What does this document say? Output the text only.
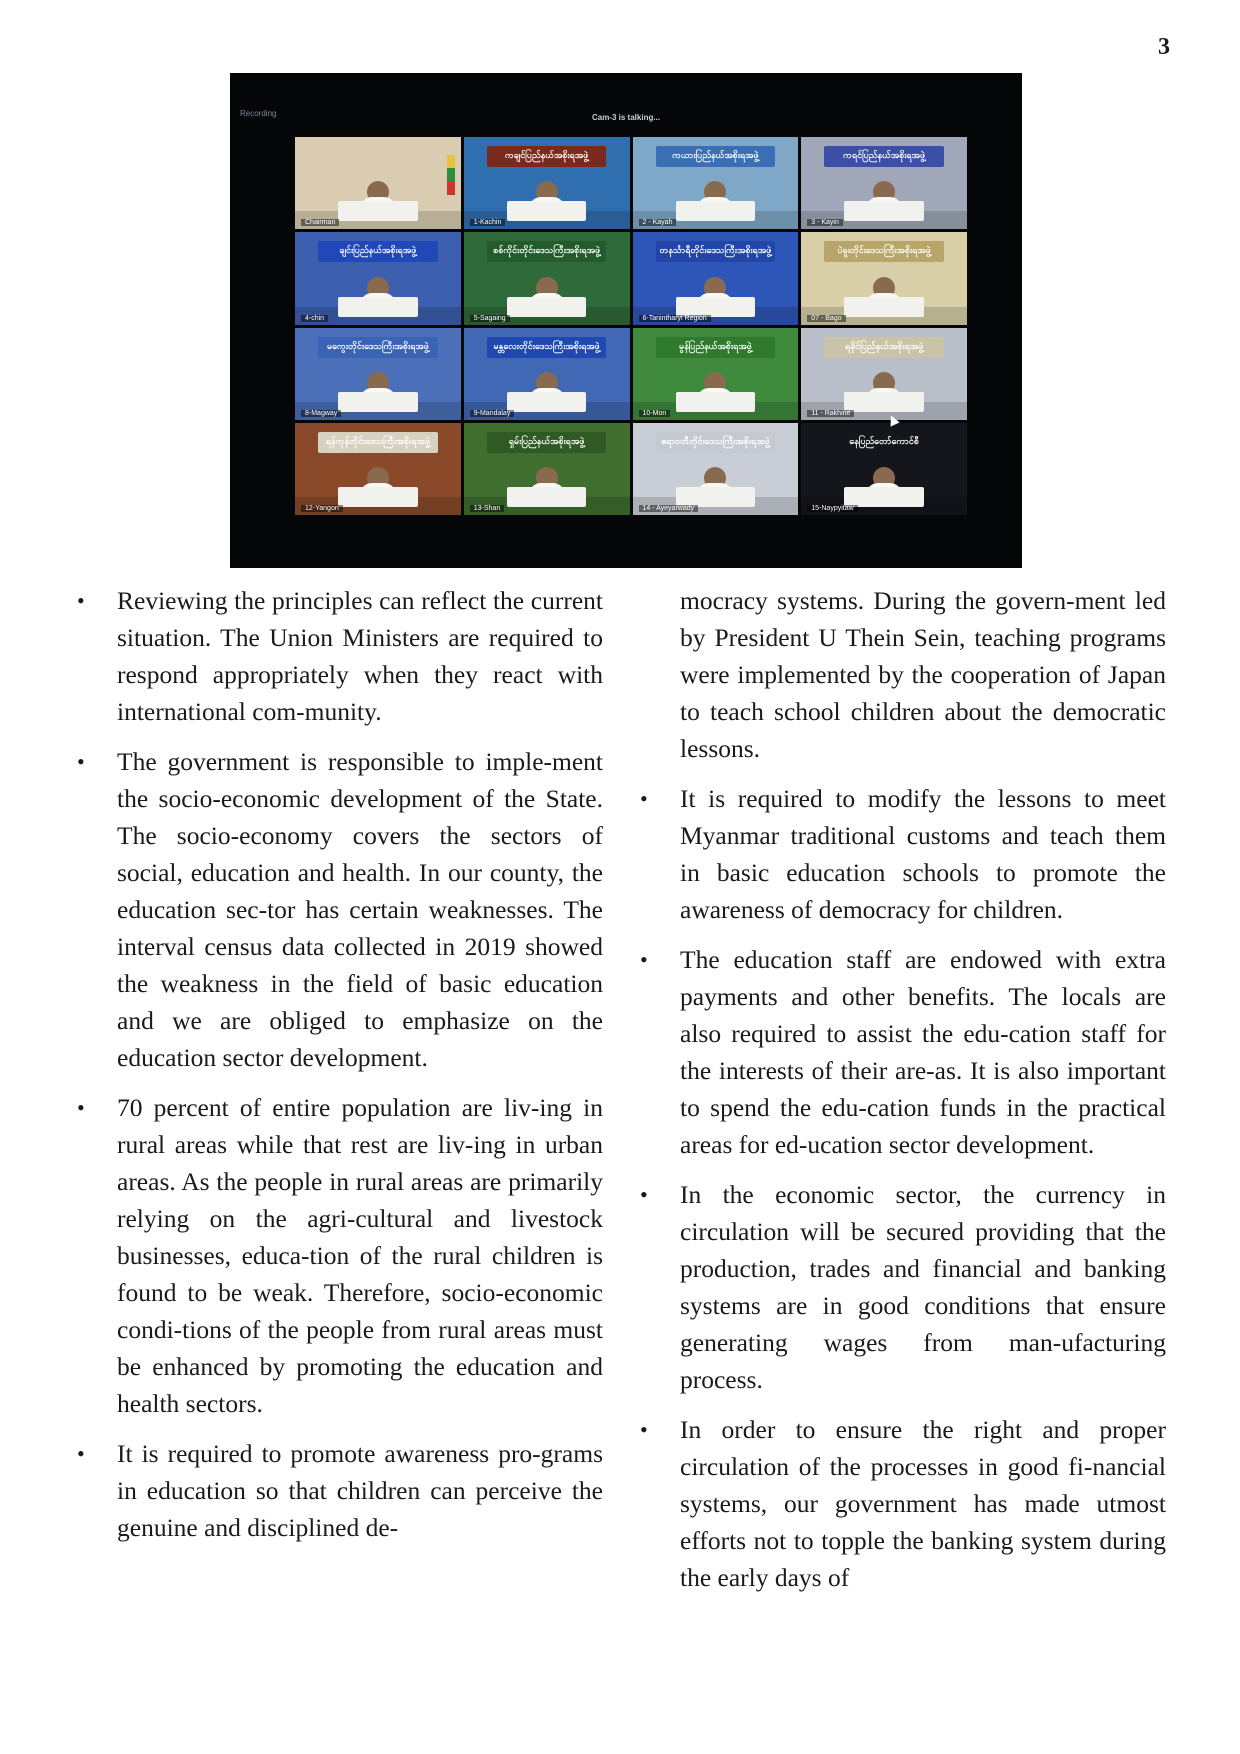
3
Recording	Cam-3 is talking...
Chairman
ကချင်ပြည်နယ်အစိုးရအဖွဲ့
1-Kachin
ကယားပြည်နယ်အစိုးရအဖွဲ့
2 - Kayah
ကရင်ပြည်နယ်အစိုးရအဖွဲ့
3 - Kayin
ချင်းပြည်နယ်အစိုးရအဖွဲ့
4-chin
စစ်ကိုင်းတိုင်းဒေသကြီးအစိုးရအဖွဲ့
5-Sagaing
တနင်္သာရီတိုင်းဒေသကြီးအစိုးရအဖွဲ့
6-Tanintharyi Region
ပဲခူးတိုင်းဒေသကြီးအစိုးရအဖွဲ့
07 - Bago
မကွေးတိုင်းဒေသကြီးအစိုးရအဖွဲ့
8-Magway
မန္တလေးတိုင်းဒေသကြီးအစိုးရအဖွဲ့
9-Mandalay
မွန်ပြည်နယ်အစိုးရအဖွဲ့
10-Mon
ရခိုင်ပြည်နယ်အစိုးရအဖွဲ့
11 - Rakhine
ရန်ကုန်တိုင်းဒေသကြီးအစိုးရအဖွဲ့
12-Yangon
ရှမ်းပြည်နယ်အစိုးရအဖွဲ့
13-Shan
ဧရာဝတီတိုင်းဒေသကြီးအစိုးရအဖွဲ့
14 - Ayeyarwady
နေပြည်တော်ကောင်စီ
15-Naypyitaw

• Reviewing the principles can reflect the current situation. The Union Ministers are required to respond appropriately when they react with international com-munity.

• The government is responsible to imple-ment the socio-economic development of the State. The socio-economy covers the sectors of social, education and health. In our county, the education sec-tor has certain weaknesses. The interval census data collected in 2019 showed the weakness in the field of basic education and we are obliged to emphasize on the education sector development.

• 70 percent of entire population are liv-ing in rural areas while that rest are liv-ing in urban areas. As the people in rural areas are primarily relying on the agri-cultural and livestock businesses, educa-tion of the rural children is found to be weak. Therefore, socio-economic condi-tions of the people from rural areas must be enhanced by promoting the education and health sectors.

• It is required to promote awareness pro-grams in education so that children can perceive the genuine and disciplined de-

mocracy systems. During the govern-ment led by President U Thein Sein, teaching programs were implemented by the cooperation of Japan to teach school children about the democratic lessons.

• It is required to modify the lessons to meet Myanmar traditional customs and teach them in basic education schools to promote the awareness of democracy for children.

• The education staff are endowed with extra payments and other benefits. The locals are also required to assist the edu-cation staff for the interests of their are-as. It is also important to spend the edu-cation funds in the practical areas for ed-ucation sector development.

• In the economic sector, the currency in circulation will be secured providing that the production, trades and financial and banking systems are in good conditions that ensure generating wages from man-ufacturing process.

• In order to ensure the right and proper circulation of the processes in good fi-nancial systems, our government has made utmost efforts not to topple the banking system during the early days of
